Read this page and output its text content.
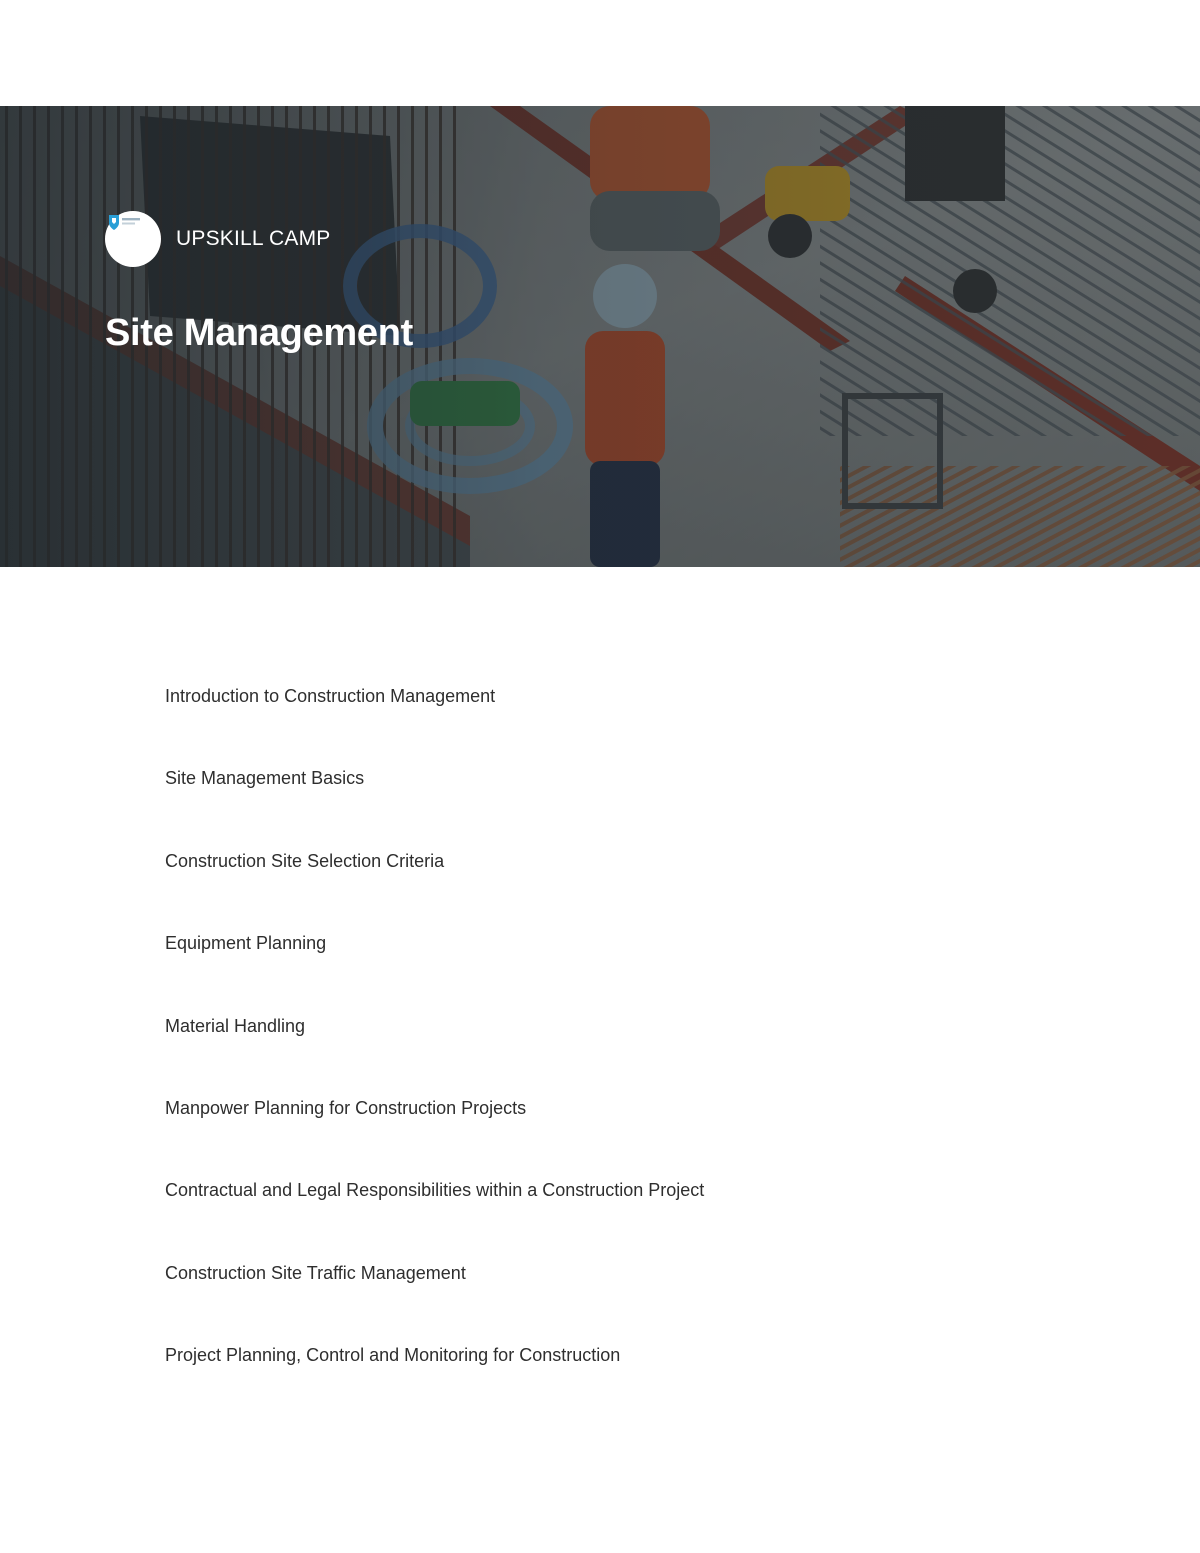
UPSKILL CAMP
Site Management
Introduction to Construction Management
Site Management Basics
Construction Site Selection Criteria
Equipment Planning
Material Handling
Manpower Planning for Construction Projects
Contractual and Legal Responsibilities within a Construction Project
Construction Site Traffic Management
Project Planning, Control and Monitoring for Construction
